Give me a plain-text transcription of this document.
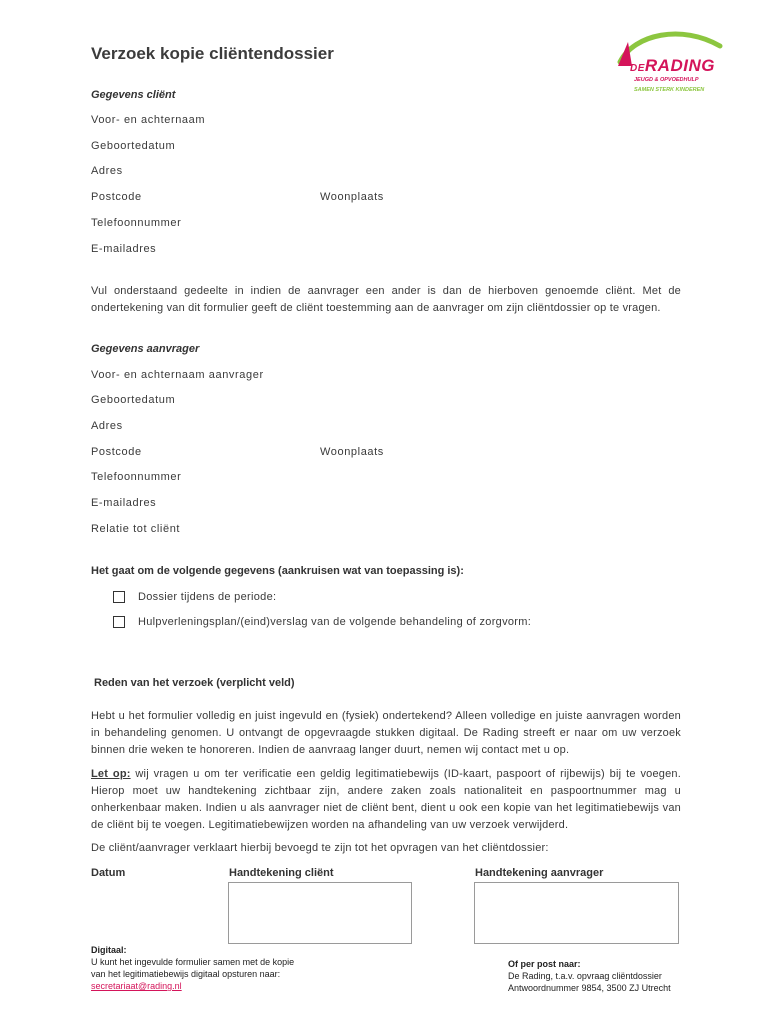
Verzoek kopie cliëntendossier
DERADING
JEUGD & OPVOEDHULP
SAMEN STERK KINDEREN
Gegevens cliënt
Voor- en achternaam
Geboortedatum
Adres
Postcode	Woonplaats
Telefoonnummer
E-mailadres
Vul onderstaand gedeelte in indien de aanvrager een ander is dan de hierboven genoemde cliënt. Met de ondertekening van dit formulier geeft de cliënt toestemming aan de aanvrager om zijn cliëntdossier op te vragen.
Gegevens aanvrager
Voor- en achternaam aanvrager
Geboortedatum
Adres
Postcode	Woonplaats
Telefoonnummer
E-mailadres
Relatie tot cliënt
Het gaat om de volgende gegevens (aankruisen wat van toepassing is):
Dossier tijdens de periode:
Hulpverleningsplan/(eind)verslag van de volgende behandeling of zorgvorm:
Reden van het verzoek (verplicht veld)
Hebt u het formulier volledig en juist ingevuld en (fysiek) ondertekend? Alleen volledige en juiste aanvragen worden in behandeling genomen. U ontvangt de opgevraagde stukken digitaal. De Rading streeft er naar om uw verzoek binnen drie weken te honoreren. Indien de aanvraag langer duurt, nemen wij contact met u op.
Let op: wij vragen u om ter verificatie een geldig legitimatiebewijs (ID-kaart, paspoort of rijbewijs) bij te voegen. Hierop moet uw handtekening zichtbaar zijn, andere zaken zoals nationaliteit en paspoortnummer mag u onherkenbaar maken. Indien u als aanvrager niet de cliënt bent, dient u ook een kopie van het legitimatiebewijs van de cliënt bij te voegen. Legitimatiebewijzen worden na afhandeling van uw verzoek verwijderd.
De cliënt/aanvrager verklaart hierbij bevoegd te zijn tot het opvragen van het cliëntdossier:
Datum	Handtekening cliënt	Handtekening aanvrager
Digitaal:
U kunt het ingevulde formulier samen met de kopie
van het legitimatiebewijs digitaal opsturen naar:
secretariaat@rading.nl
Of per post naar:
De Rading, t.a.v. opvraag cliëntdossier
Antwoordnummer 9854, 3500 ZJ Utrecht
